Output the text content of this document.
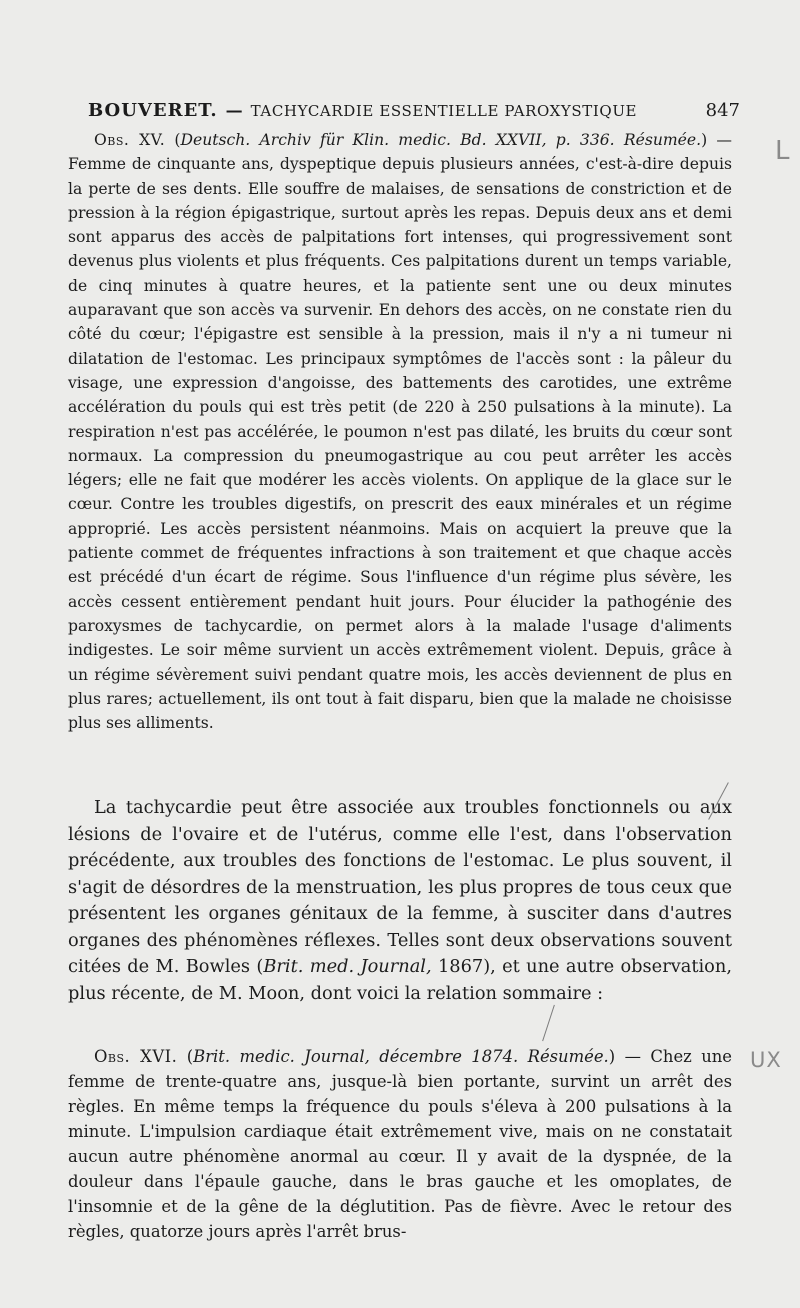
BOUVERET. — TACHYCARDIE ESSENTIELLE PAROXYSTIQUE	847

Obs. XV. (Deutsch. Archiv für Klin. medic. Bd. XXVII, p. 336. Résumée.) — Femme de cinquante ans, dyspeptique depuis plusieurs années, c'est-à-dire depuis la perte de ses dents. Elle souffre de malaises, de sensations de constriction et de pression à la région épigastrique, surtout après les repas. Depuis deux ans et demi sont apparus des accès de palpitations fort intenses, qui progressivement sont devenus plus violents et plus fréquents. Ces palpitations durent un temps variable, de cinq minutes à quatre heures, et la patiente sent une ou deux minutes auparavant que son accès va survenir. En dehors des accès, on ne constate rien du côté du cœur; l'épigastre est sensible à la pression, mais il n'y a ni tumeur ni dilatation de l'estomac. Les principaux symptômes de l'accès sont : la pâleur du visage, une expression d'angoisse, des battements des carotides, une extrême accélération du pouls qui est très petit (de 220 à 250 pulsations à la minute). La respiration n'est pas accélérée, le poumon n'est pas dilaté, les bruits du cœur sont normaux. La compression du pneumogastrique au cou peut arrêter les accès légers; elle ne fait que modérer les accès violents. On applique de la glace sur le cœur. Contre les troubles digestifs, on prescrit des eaux minérales et un régime approprié. Les accès persistent néanmoins. Mais on acquiert la preuve que la patiente commet de fréquentes infractions à son traitement et que chaque accès est précédé d'un écart de régime. Sous l'influence d'un régime plus sévère, les accès cessent entièrement pendant huit jours. Pour élucider la pathogénie des paroxysmes de tachycardie, on permet alors à la malade l'usage d'aliments indigestes. Le soir même survient un accès extrêmement violent. Depuis, grâce à un régime sévèrement suivi pendant quatre mois, les accès deviennent de plus en plus rares; actuellement, ils ont tout à fait disparu, bien que la malade ne choisisse plus ses alliments.

La tachycardie peut être associée aux troubles fonctionnels ou aux lésions de l'ovaire et de l'utérus, comme elle l'est, dans l'observation précédente, aux troubles des fonctions de l'estomac. Le plus souvent, il s'agit de désordres de la menstruation, les plus propres de tous ceux que présentent les organes génitaux de la femme, à susciter dans d'autres organes des phénomènes réflexes. Telles sont deux observations souvent citées de M. Bowles (Brit. med. Journal, 1867), et une autre observation, plus récente, de M. Moon, dont voici la relation sommaire :

Obs. XVI. (Brit. medic. Journal, décembre 1874. Résumée.) — Chez une femme de trente-quatre ans, jusque-là bien portante, survint un arrêt des règles. En même temps la fréquence du pouls s'éleva à 200 pulsations à la minute. L'impulsion cardiaque était extrêmement vive, mais on ne constatait aucun autre phénomène anormal au cœur. Il y avait de la dyspnée, de la douleur dans l'épaule gauche, dans le bras gauche et les omoplates, de l'insomnie et de la gêne de la déglutition. Pas de fièvre. Avec le retour des règles, quatorze jours après l'arrêt brus-

UX
L
